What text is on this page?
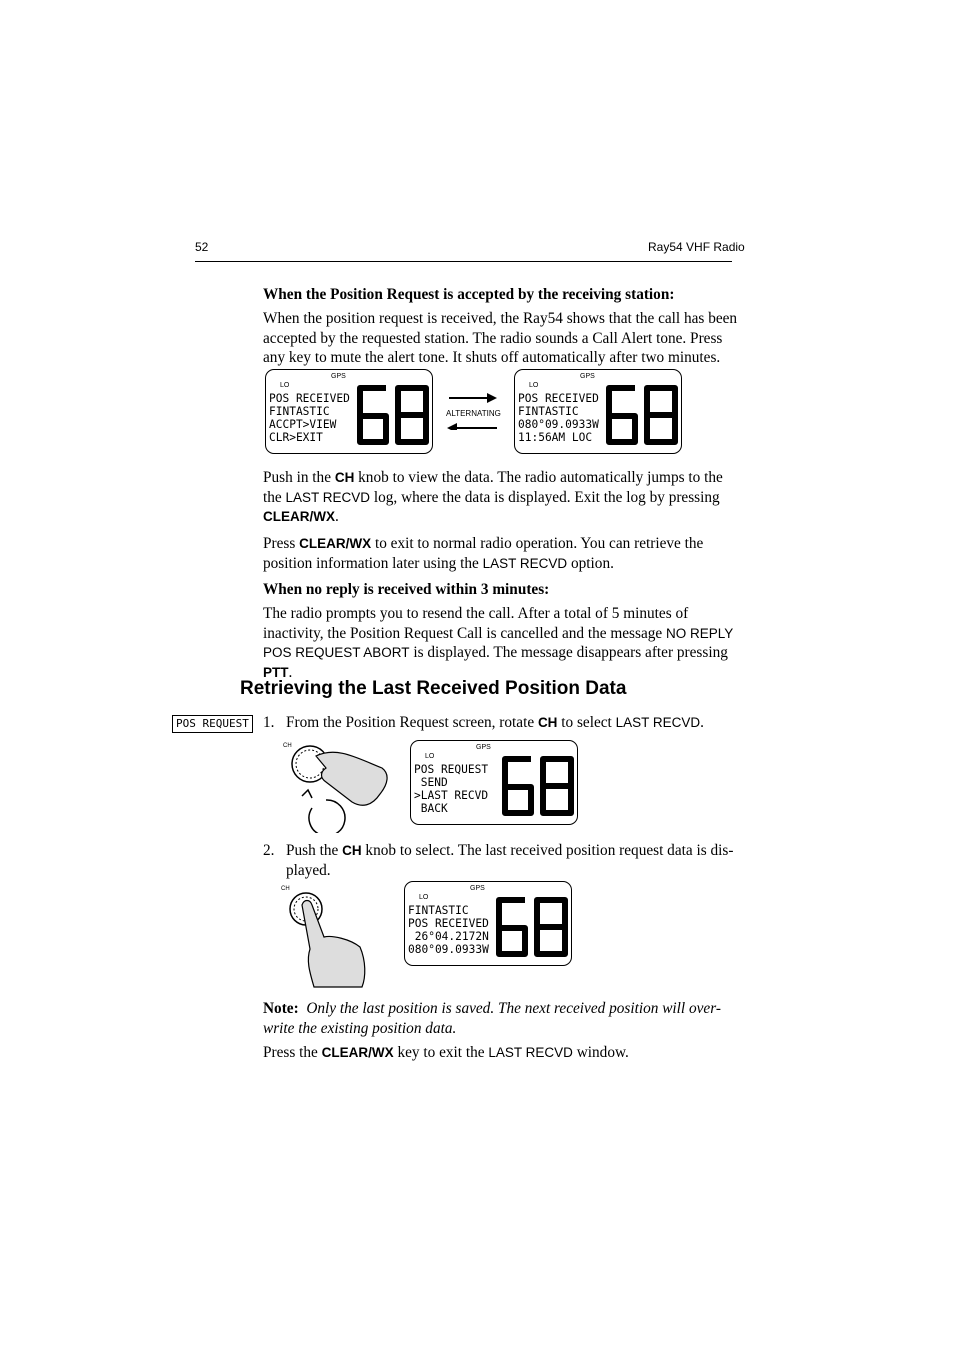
52	Ray54 VHF Radio
When the Position Request is accepted by the receiving station:

When the position request is received, the Ray54 shows that the call has been

accepted by the requested station. The radio sounds a Call Alert tone. Press

any key to mute the alert tone. It shuts off automatically after two minutes.

GPS
LO
POS RECEIVED
FINTASTIC
ACCPT>VIEW
CLR>EXIT
ALTERNATING
GPS
LO
POS RECEIVED
FINTASTIC
080°09.0933W
11:56AM LOC

Push in the CH knob to view the data. The radio automatically jumps to the

the LAST RECVD log, where the data is displayed. Exit the log by pressing

CLEAR/WX.

Press CLEAR/WX to exit to normal radio operation. You can retrieve the

position information later using the LAST RECVD option.

When no reply is received within 3 minutes:

The radio prompts you to resend the call. After a total of 5 minutes of

inactivity, the Position Request Call is cancelled and the message NO REPLY

POS REQUEST ABORT is displayed. The message disappears after pressing PTT.

Retrieving the Last Received Position Data
POS REQUEST 1. From the Position Request screen, rotate CH to select LAST RECVD.
CH	GPS
LO
POS REQUEST
SEND
>LAST RECVD
BACK
2. Push the CH knob to select. The last received position request data is dis-

played.

CH	GPS
LO
FINTASTIC
POS RECEIVED
26°04.2172N
080°09.0933W

Note: Only the last position is saved. The next received position will over-

write the existing position data.

Press the CLEAR/WX key to exit the LAST RECVD window.
